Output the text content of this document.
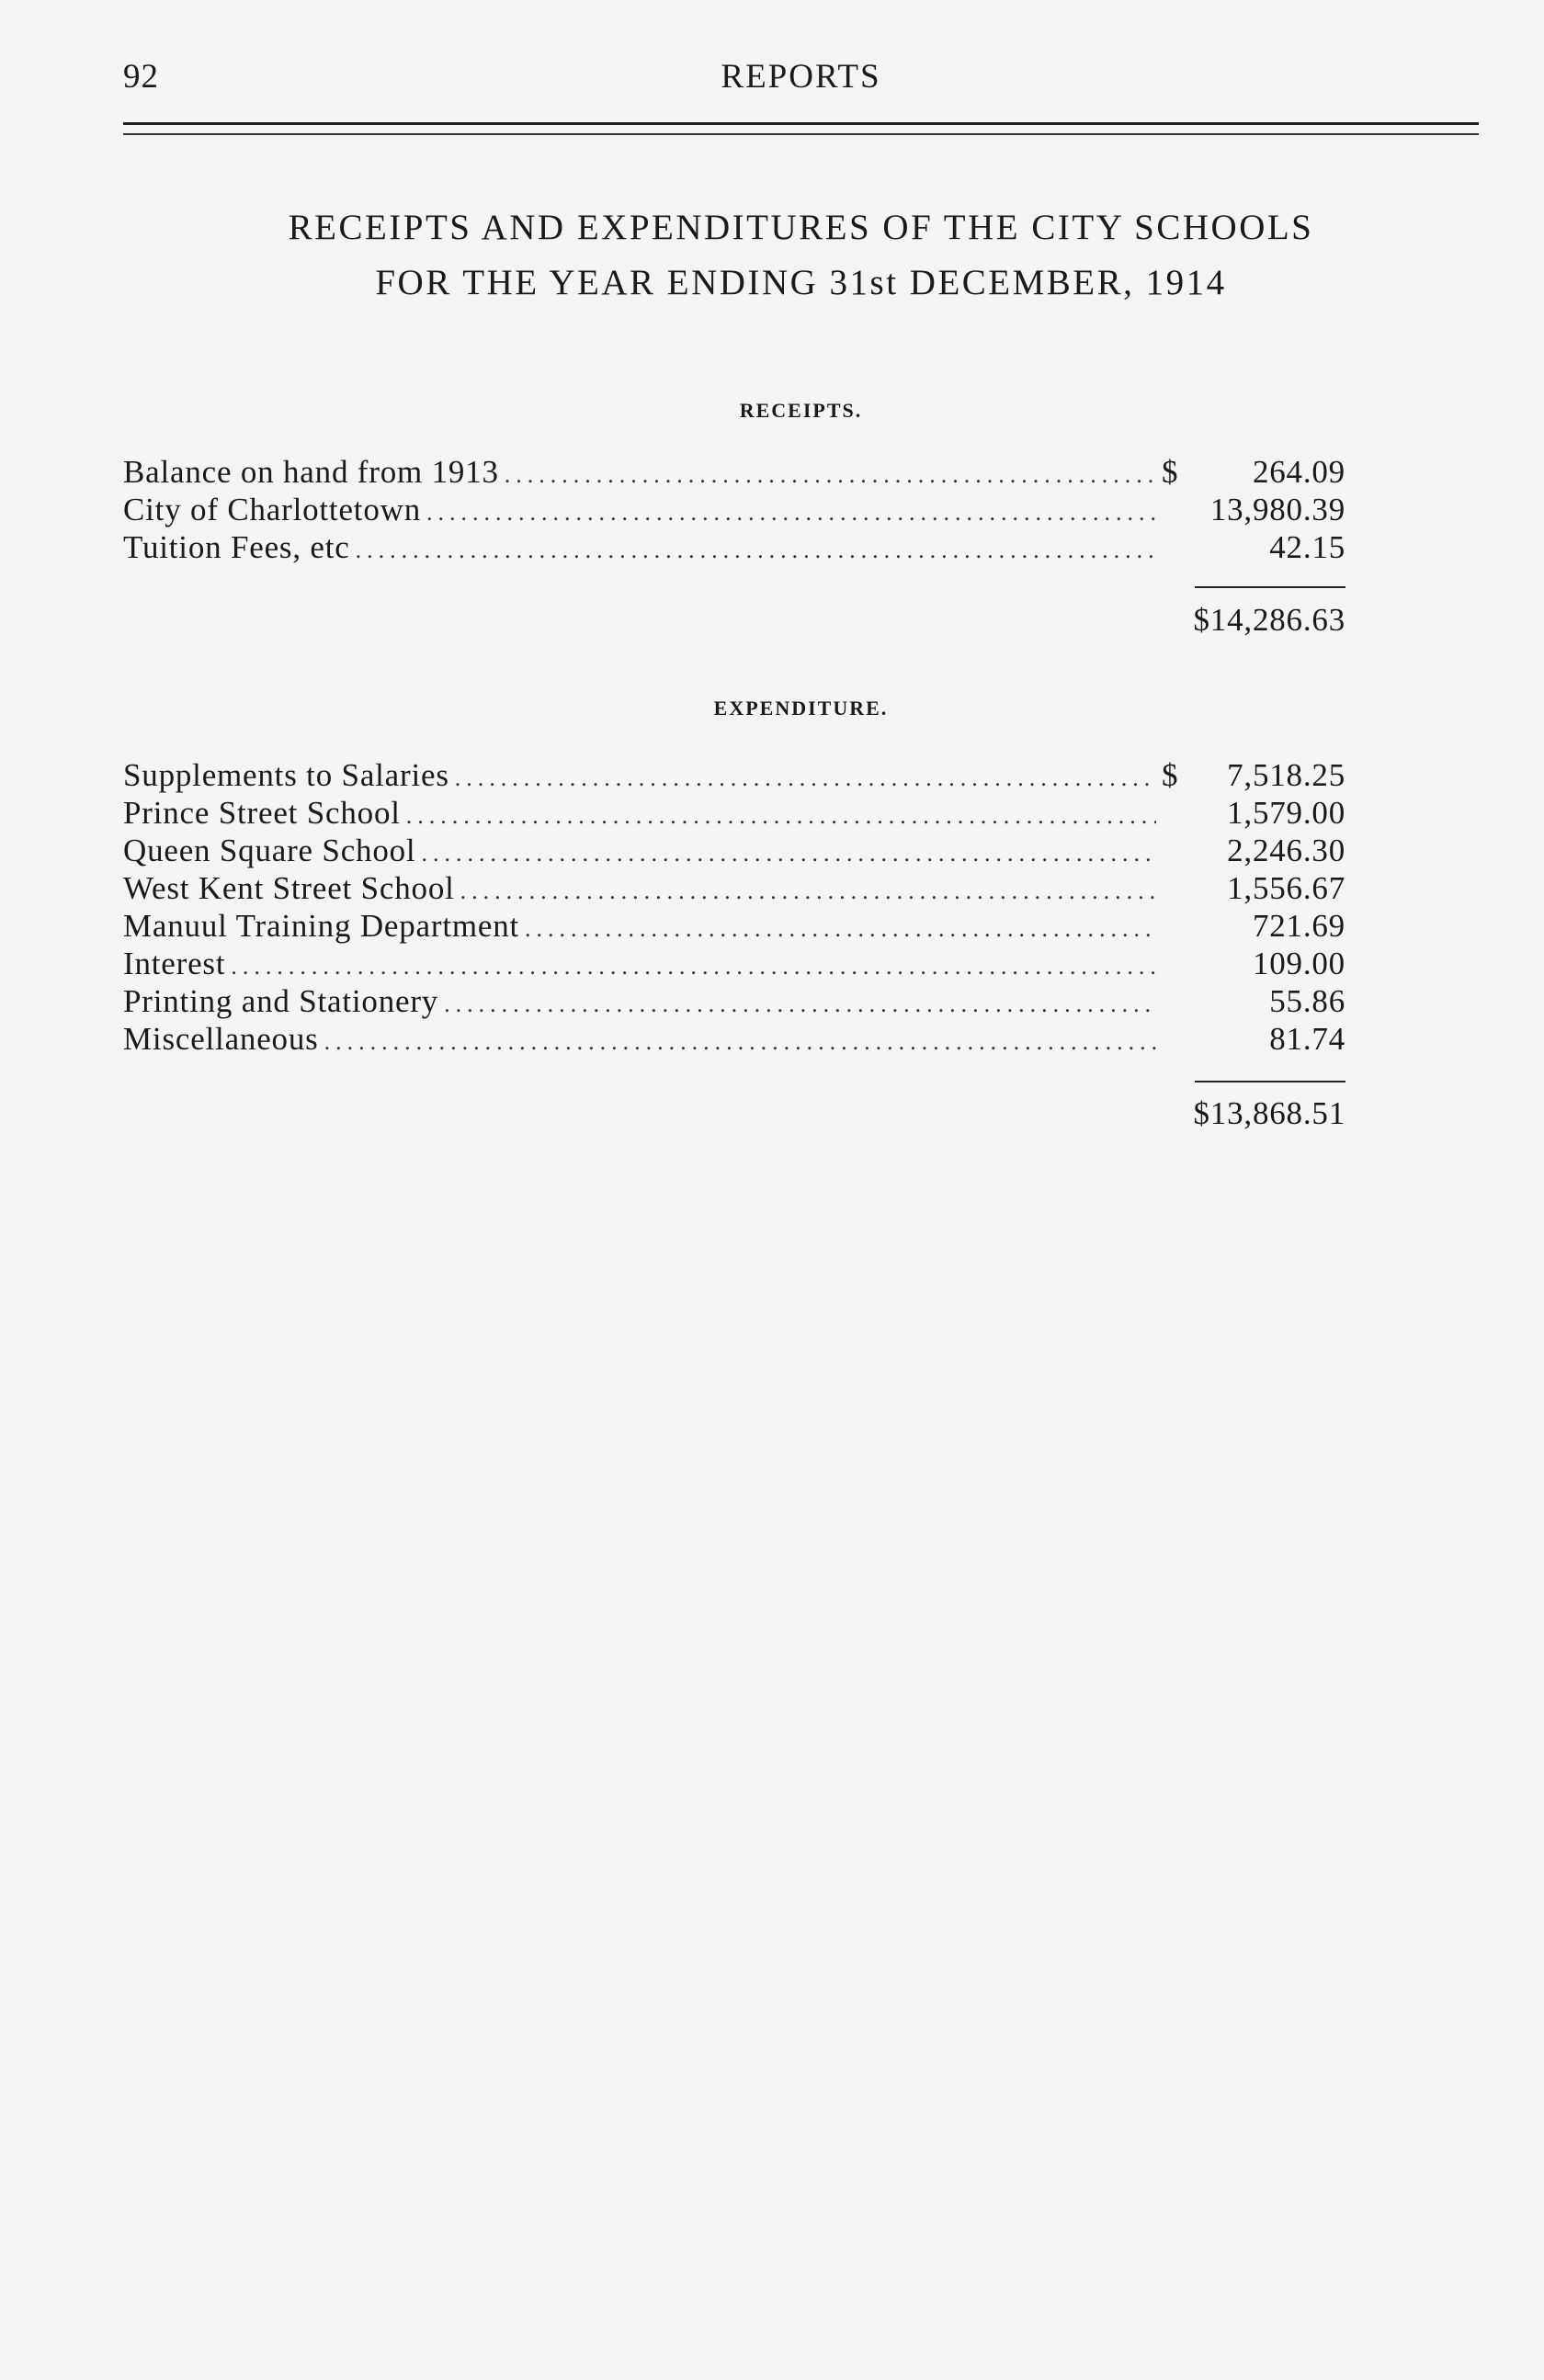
92	REPORTS
RECEIPTS AND EXPENDITURES OF THE CITY SCHOOLS
FOR THE YEAR ENDING 31st DECEMBER, 1914
RECEIPTS.
Balance on hand from 1913 .....	$	264.09
City of Charlottetown .....	13,980.39
Tuition Fees, etc .....	42.15
$14,286.63
EXPENDITURE.
Supplements to Salaries .....	$	7,518.25
Prince Street School .....	1,579.00
Queen Square School .....	2,246.30
West Kent Street School .....	1,556.67
Manuul Training Department .....	721.69
Interest .....	109.00
Printing and Stationery .....	55.86
Miscellaneous .....	81.74
$13,868.51
